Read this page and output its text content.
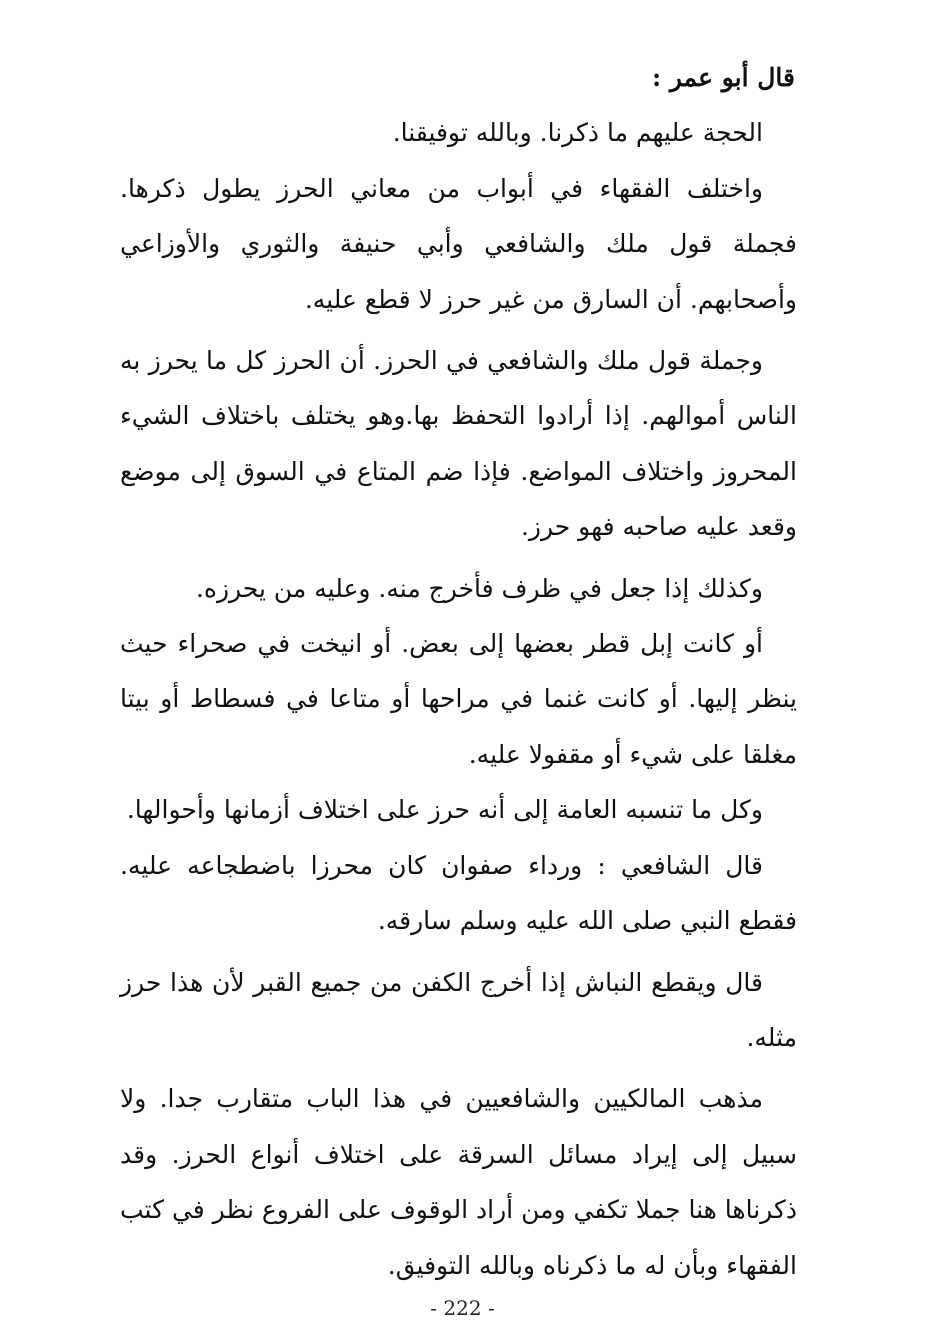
قال أبو عمر :

الحجة عليهم ما ذكرنا. وبالله توفيقنا.

واختلف الفقهاء في أبواب من معاني الحرز يطول ذكرها. فجملة قول ملك والشافعي وأبي حنيفة والثوري والأوزاعي وأصحابهم. أن السارق من غير حرز لا قطع عليه.

وجملة قول ملك والشافعي في الحرز. أن الحرز كل ما يحرز به الناس أموالهم. إذا أرادوا التحفظ بها.وهو يختلف باختلاف الشيء المحروز واختلاف المواضع. فإذا ضم المتاع في السوق إلى موضع وقعد عليه صاحبه فهو حرز.

وكذلك إذا جعل في ظرف فأخرج منه. وعليه من يحرزه.

أو كانت إبل قطر بعضها إلى بعض. أو انيخت في صحراء حيث ينظر إليها. أو كانت غنما في مراحها أو متاعا في فسطاط أو بيتا مغلقا على شيء أو مقفولا عليه.

وكل ما تنسبه العامة إلى أنه حرز على اختلاف أزمانها وأحوالها.

قال الشافعي : ورداء صفوان كان محرزا باضطجاعه عليه. فقطع النبي صلى الله عليه وسلم سارقه.

قال ويقطع النباش إذا أخرج الكفن من جميع القبر لأن هذا حرز مثله.

مذهب المالكيين والشافعيين في هذا الباب متقارب جدا. ولا سبيل إلى إيراد مسائل السرقة على اختلاف أنواع الحرز. وقد ذكرناها هنا جملا تكفي ومن أراد الوقوف على الفروع نظر في كتب الفقهاء وبأن له ما ذكرناه وبالله التوفيق.

- 222 -
